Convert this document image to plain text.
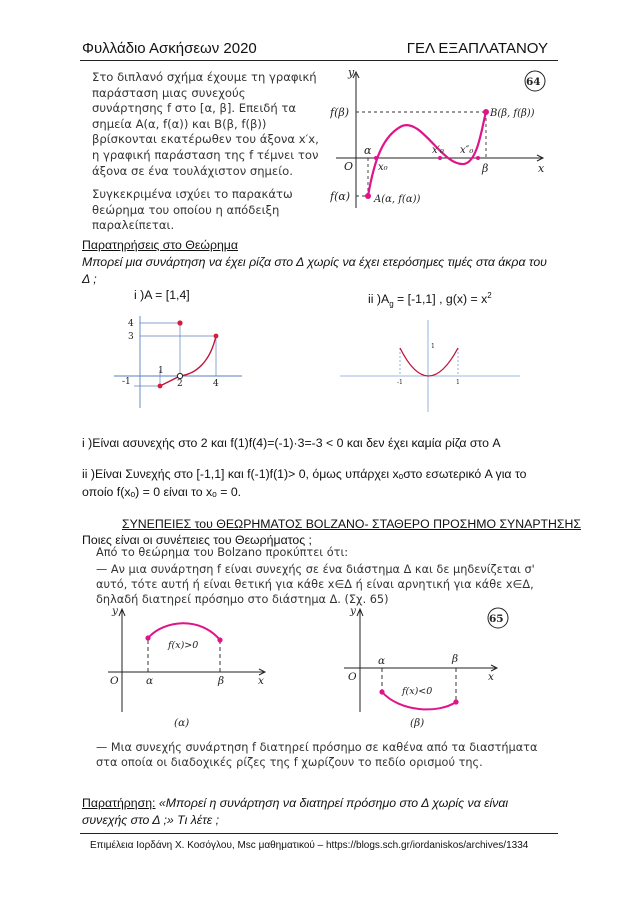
Φυλλάδιο Ασκήσεων 2020	ΓΕΛ ΕΞΑΠΛΑΤΑΝΟΥ

Στο διπλανό σχήμα έχουμε τη γραφική παράσταση μιας συνεχούς συνάρτησης f στο [α, β]. Επειδή τα σημεία A(α, f(α)) και B(β, f(β)) βρίσκονται εκατέρωθεν του άξονα x′x, η γραφική παράσταση της f τέμνει τον άξονα σε ένα τουλάχιστον σημείο.

Συγκεκριμένα ισχύει το παρακάτω θεώρημα του οποίου η απόδειξη παραλείπεται.

y
x
O
f(β)
f(α)
α
β
x₀
x′₀ x″₀
A(α, f(α))
B(β, f(β))
64
Παρατηρήσεις στο Θεώρημα
Μπορεί μια συνάρτηση να έχει ρίζα στο Δ χωρίς να έχει ετερόσημες τιμές στα άκρα του Δ ;
i )A = [1,4]	ii )$A_g = [-1,1]$ , $g(x) = x^2$
4
3
1
-1	2	4
1
-1	1
i )Είναι ασυνεχής στο 2 και f(1)f(4)=(-1)·3=-3 < 0 και δεν έχει καμία ρίζα στο A
ii )Είναι Συνεχής στο [-1,1] και f(-1)f(1)> 0, όμως υπάρχει xₒστο εσωτερικό A για το
οποίο f(xₒ) = 0 είναι το xₒ = 0.
ΣΥΝΕΠΕΙΕΣ του ΘΕΩΡΗΜΑΤΟΣ BOLZANO- ΣΤΑΘΕΡΟ ΠΡΟΣΗΜΟ ΣΥΝΑΡΤΗΣΗΣ
Ποιες είναι οι συνέπειες του Θεωρήματος ;
Από το θεώρημα του Bolzano προκύπτει ότι:
— Αν μια συνάρτηση f είναι συνεχής σε ένα διάστημα Δ και δε μηδενίζεται σ' αυτό, τότε αυτή ή είναι θετική για κάθε x∈Δ ή είναι αρνητική για κάθε x∈Δ, δηλαδή διατηρεί πρόσημο στο διάστημα Δ. (Σχ. 65)
y
x
O	α	β
f(x)>0
(α)
y
x
O
α	β
f(x)<0
(β)
65
— Μια συνεχής συνάρτηση f διατηρεί πρόσημο σε καθένα από τα διαστήματα στα οποία οι διαδοχικές ρίζες της f χωρίζουν το πεδίο ορισμού της.
Παρατήρηση: «Μπορεί η συνάρτηση να διατηρεί πρόσημο στο Δ χωρίς να είναι συνεχής στο Δ ;» Τι λέτε ;
Επιμέλεια Ιορδάνη Χ. Κοσόγλου, Msc μαθηματικού – https://blogs.sch.gr/iordaniskos/archives/1334
